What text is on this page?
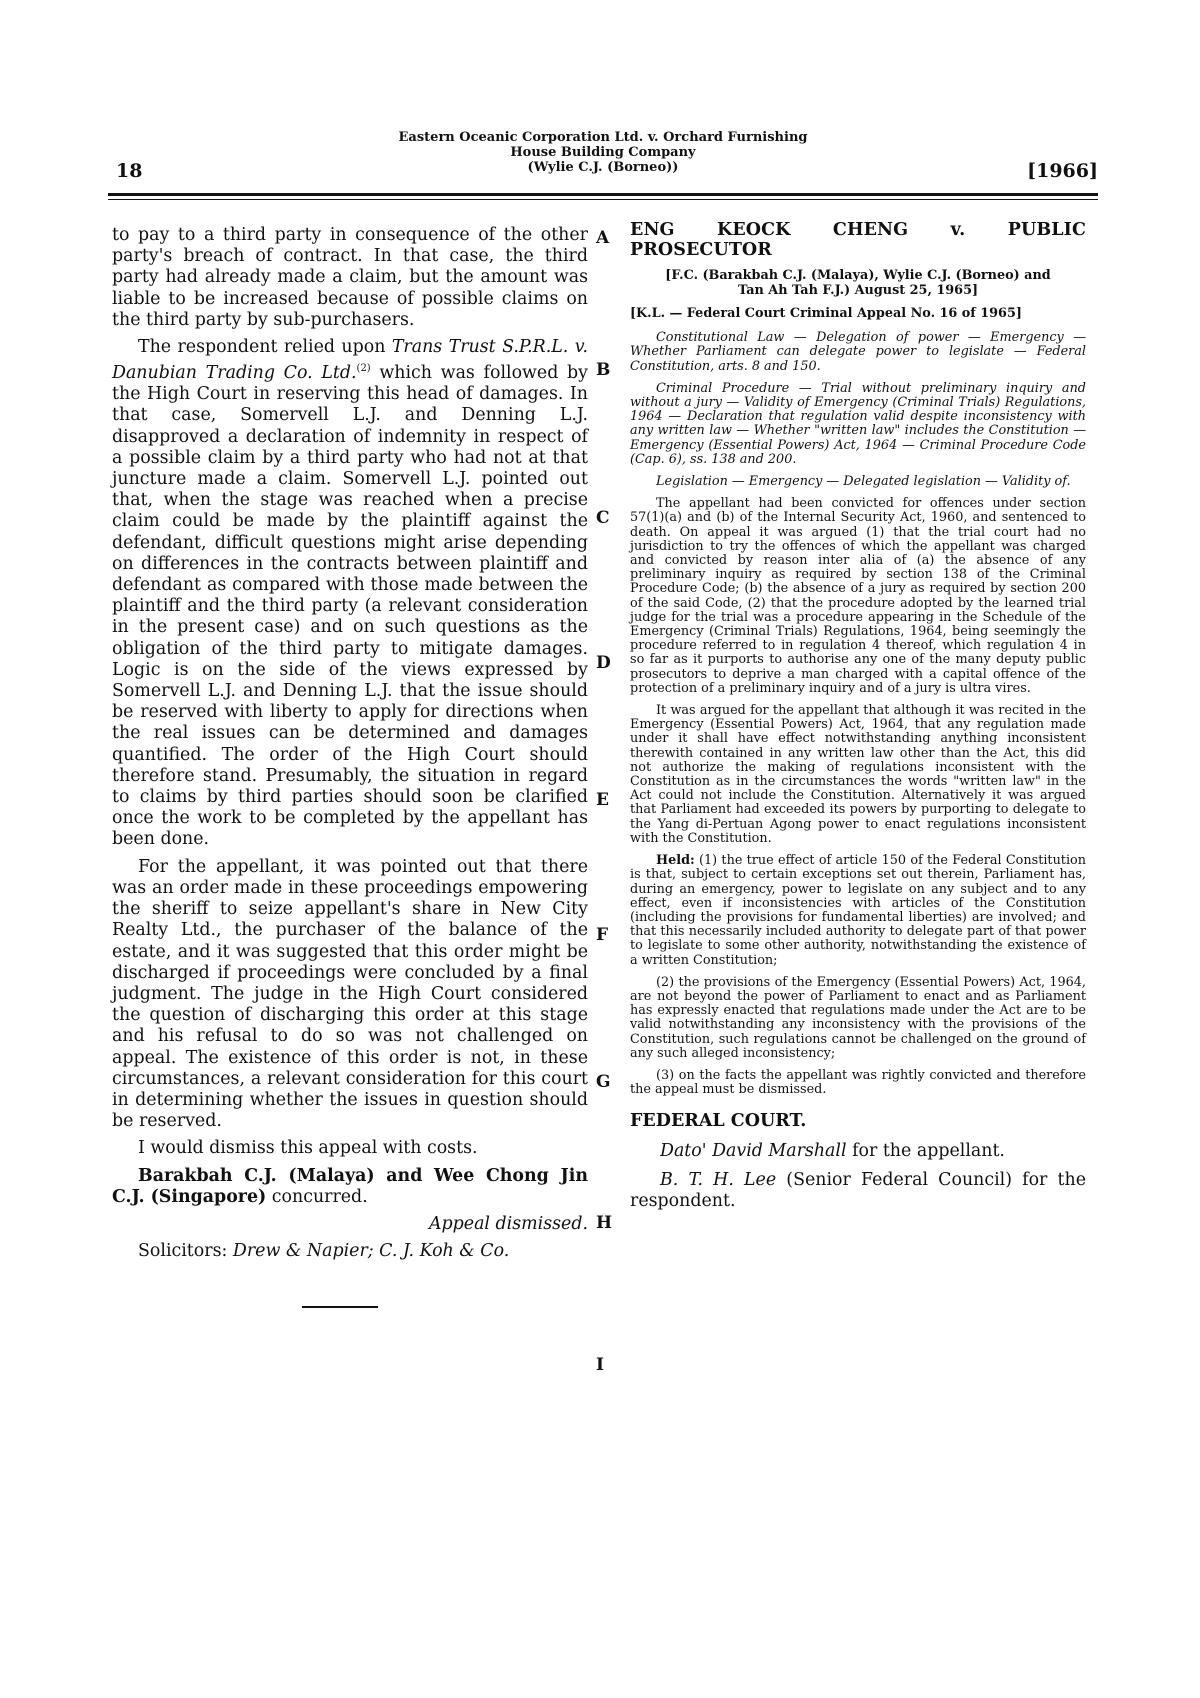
18
Eastern Oceanic Corporation Ltd. v. Orchard Furnishing
House Building Company
(Wylie C.J. (Borneo))	[1966]

to pay to a third party in consequence of the other party's breach of contract. In that case, the third party had already made a claim, but the amount was liable to be increased because of possible claims on the third party by sub-purchasers.

The respondent relied upon Trans Trust S.P.R.L. v. Danubian Trading Co. Ltd.$^{(2)}$ which was followed by the High Court in reserving this head of damages. In that case, Somervell L.J. and Denning L.J. disapproved a declaration of indemnity in respect of a possible claim by a third party who had not at that juncture made a claim. Somervell L.J. pointed out that, when the stage was reached when a precise claim could be made by the plaintiff against the defendant, difficult questions might arise depending on differences in the contracts between plaintiff and defendant as compared with those made between the plaintiff and the third party (a relevant consideration in the present case) and on such questions as the obligation of the third party to mitigate damages. Logic is on the side of the views expressed by Somervell L.J. and Denning L.J. that the issue should be reserved with liberty to apply for directions when the real issues can be determined and damages quantified. The order of the High Court should therefore stand. Presumably, the situation in regard to claims by third parties should soon be clarified once the work to be completed by the appellant has been done.

For the appellant, it was pointed out that there was an order made in these proceedings empowering the sheriff to seize appellant's share in New City Realty Ltd., the purchaser of the balance of the estate, and it was suggested that this order might be discharged if proceedings were concluded by a final judgment. The judge in the High Court considered the question of discharging this order at this stage and his refusal to do so was not challenged on appeal. The existence of this order is not, in these circumstances, a relevant consideration for this court in determining whether the issues in question should be reserved.

I would dismiss this appeal with costs.

Barakbah C.J. (Malaya) and Wee Chong Jin C.J. (Singapore) concurred.

Appeal dismissed.

Solicitors: Drew & Napier; C. J. Koh & Co.

A
B
C
D
E
F
G
H
I
ENG KEOCK CHENG v. PUBLIC PROSECUTOR
[F.C. (Barakbah C.J. (Malaya), Wylie C.J. (Borneo) and
Tan Ah Tah F.J.) August 25, 1965]
[K.L. — Federal Court Criminal Appeal No. 16 of 1965]

Constitutional Law — Delegation of power — Emergency — Whether Parliament can delegate power to legislate — Federal Constitution, arts. 8 and 150.

Criminal Procedure — Trial without preliminary inquiry and without a jury — Validity of Emergency (Criminal Trials) Regulations, 1964 — Declaration that regulation valid despite inconsistency with any written law — Whether "written law" includes the Constitution — Emergency (Essential Powers) Act, 1964 — Criminal Procedure Code (Cap. 6), ss. 138 and 200.

Legislation — Emergency — Delegated legislation — Validity of.

The appellant had been convicted for offences under section 57(1)(a) and (b) of the Internal Security Act, 1960, and sentenced to death. On appeal it was argued (1) that the trial court had no jurisdiction to try the offences of which the appellant was charged and convicted by reason inter alia of (a) the absence of any preliminary inquiry as required by section 138 of the Criminal Procedure Code; (b) the absence of a jury as required by section 200 of the said Code, (2) that the procedure adopted by the learned trial judge for the trial was a procedure appearing in the Schedule of the Emergency (Criminal Trials) Regulations, 1964, being seemingly the procedure referred to in regulation 4 thereof, which regulation 4 in so far as it purports to authorise any one of the many deputy public prosecutors to deprive a man charged with a capital offence of the protection of a preliminary inquiry and of a jury is ultra vires.

It was argued for the appellant that although it was recited in the Emergency (Essential Powers) Act, 1964, that any regulation made under it shall have effect notwithstanding anything inconsistent therewith contained in any written law other than the Act, this did not authorize the making of regulations inconsistent with the Constitution as in the circumstances the words "written law" in the Act could not include the Constitution. Alternatively it was argued that Parliament had exceeded its powers by purporting to delegate to the Yang di-Pertuan Agong power to enact regulations inconsistent with the Constitution.

Held: (1) the true effect of article 150 of the Federal Constitution is that, subject to certain exceptions set out therein, Parliament has, during an emergency, power to legislate on any subject and to any effect, even if inconsistencies with articles of the Constitution (including the provisions for fundamental liberties) are involved; and that this necessarily included authority to delegate part of that power to legislate to some other authority, notwithstanding the existence of a written Constitution;

(2) the provisions of the Emergency (Essential Powers) Act, 1964, are not beyond the power of Parliament to enact and as Parliament has expressly enacted that regulations made under the Act are to be valid notwithstanding any inconsistency with the provisions of the Constitution, such regulations cannot be challenged on the ground of any such alleged inconsistency;

(3) on the facts the appellant was rightly convicted and therefore the appeal must be dismissed.

FEDERAL COURT.

Dato' David Marshall for the appellant.

B. T. H. Lee (Senior Federal Council) for the respondent.
